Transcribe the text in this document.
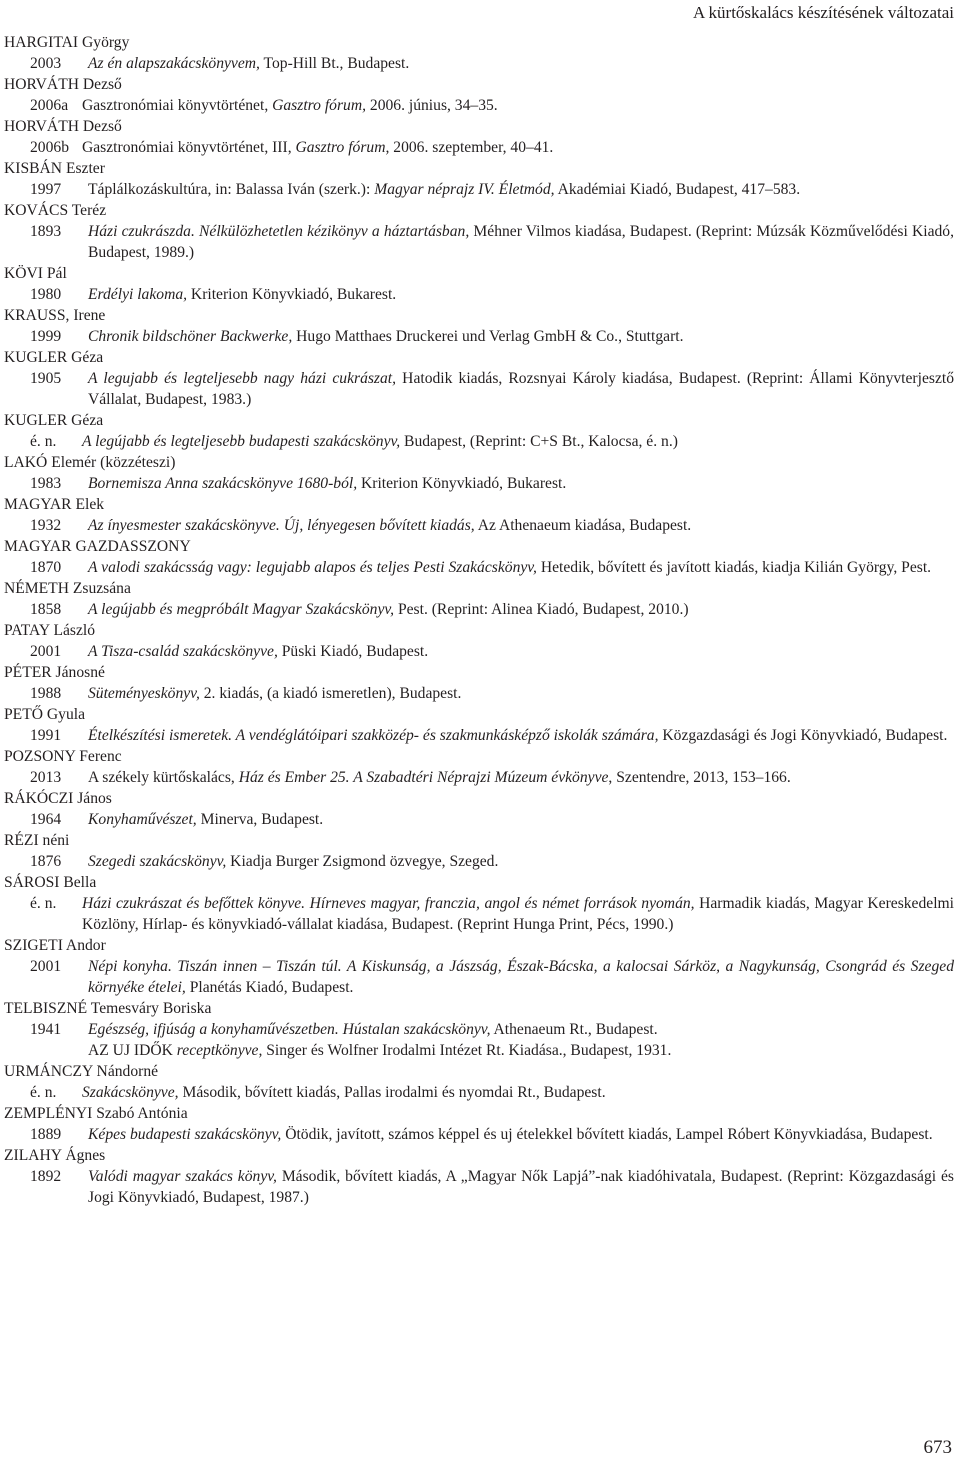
A kürtőskalács készítésének változatai
HARGITAI György
2003	Az én alapszakácskönyvem, Top-Hill Bt., Budapest.
HORVÁTH Dezső
2006a Gasztronómiai könyvtörténet, Gasztro fórum, 2006. június, 34–35.
HORVÁTH Dezső
2006b Gasztronómiai könyvtörténet, III, Gasztro fórum, 2006. szeptember, 40–41.
KISBÁN Eszter
1997	Táplálkozáskultúra, in: Balassa Iván (szerk.): Magyar néprajz IV. Életmód, Akadémiai Kiadó, Budapest, 417–583.
KOVÁCS Teréz
1893	Házi czukrászda. Nélkülözhetetlen kézikönyv a háztartásban, Méhner Vilmos kiadása, Budapest. (Reprint: Múzsák Közművelődési Kiadó, Budapest, 1989.)
KÖVI Pál
1980	Erdélyi lakoma, Kriterion Könyvkiadó, Bukarest.
KRAUSS, Irene
1999	Chronik bildschöner Backwerke, Hugo Matthaes Druckerei und Verlag GmbH & Co., Stuttgart.
KUGLER Géza
1905	A legujabb és legteljesebb nagy házi cukrászat, Hatodik kiadás, Rozsnyai Károly kiadása, Budapest. (Reprint: Állami Könyvterjesztő Vállalat, Budapest, 1983.)
KUGLER Géza
é. n.	A legújabb és legteljesebb budapesti szakácskönyv, Budapest, (Reprint: C+S Bt., Kalocsa, é. n.)
LAKÓ Elemér (közzéteszi)
1983	Bornemisza Anna szakácskönyve 1680-ból, Kriterion Könyvkiadó, Bukarest.
MAGYAR Elek
1932	Az ínyesmester szakácskönyve. Új, lényegesen bővített kiadás, Az Athenaeum kiadása, Budapest.
MAGYAR GAZDASSZONY
1870	A valodi szakácsság vagy: legujabb alapos és teljes Pesti Szakácskönyv, Hetedik, bővített és javított kiadás, kiadja Kilián György, Pest.
NÉMETH Zsuzsána
1858	A legújabb és megpróbált Magyar Szakácskönyv, Pest. (Reprint: Alinea Kiadó, Budapest, 2010.)
PATAY László
2001	A Tisza-család szakácskönyve, Püski Kiadó, Budapest.
PÉTER Jánosné
1988	Süteményeskönyv, 2. kiadás, (a kiadó ismeretlen), Budapest.
PETŐ Gyula
1991	Ételkészítési ismeretek. A vendéglátóipari szakközép- és szakmunkásképző iskolák számára, Közgazdasági és Jogi Könyvkiadó, Budapest.
POZSONY Ferenc
2013	A székely kürtőskalács, Ház és Ember 25. A Szabadtéri Néprajzi Múzeum évkönyve, Szentendre, 2013, 153–166.
RÁKÓCZI János
1964	Konyhaművészet, Minerva, Budapest.
RÉZI néni
1876	Szegedi szakácskönyv, Kiadja Burger Zsigmond özvegye, Szeged.
SÁROSI Bella
é. n.	Házi czukrászat és befőttek könyve. Hírneves magyar, franczia, angol és német források nyomán, Harmadik kiadás, Magyar Kereskedelmi Közlöny, Hírlap- és könyvkiadó-vállalat kiadása, Budapest. (Reprint Hunga Print, Pécs, 1990.)
SZIGETI Andor
2001	Népi konyha. Tiszán innen – Tiszán túl. A Kiskunság, a Jászság, Észak-Bácska, a kalocsai Sárköz, a Nagykunság, Csongrád és Szeged környéke ételei, Planétás Kiadó, Budapest.
TELBISZNÉ Temesváry Boriska
1941	Egészség, ifjúság a konyhaművészetben. Hústalan szakácskönyv, Athenaeum Rt., Budapest.
AZ UJ IDŐK receptkönyve, Singer és Wolfner Irodalmi Intézet Rt. Kiadása., Budapest, 1931.
URMÁNCZY Nándorné
é. n.	Szakácskönyve, Második, bővített kiadás, Pallas irodalmi és nyomdai Rt., Budapest.
ZEMPLÉNYI Szabó Antónia
1889	Képes budapesti szakácskönyv, Ötödik, javított, számos képpel és uj ételekkel bővített kiadás, Lampel Róbert Könyvkiadása, Budapest.
ZILAHY Ágnes
1892	Valódi magyar szakács könyv, Második, bővített kiadás, A „Magyar Nők Lapjá”-nak kiadóhivatala, Budapest. (Reprint: Közgazdasági és Jogi Könyvkiadó, Budapest, 1987.)
673
